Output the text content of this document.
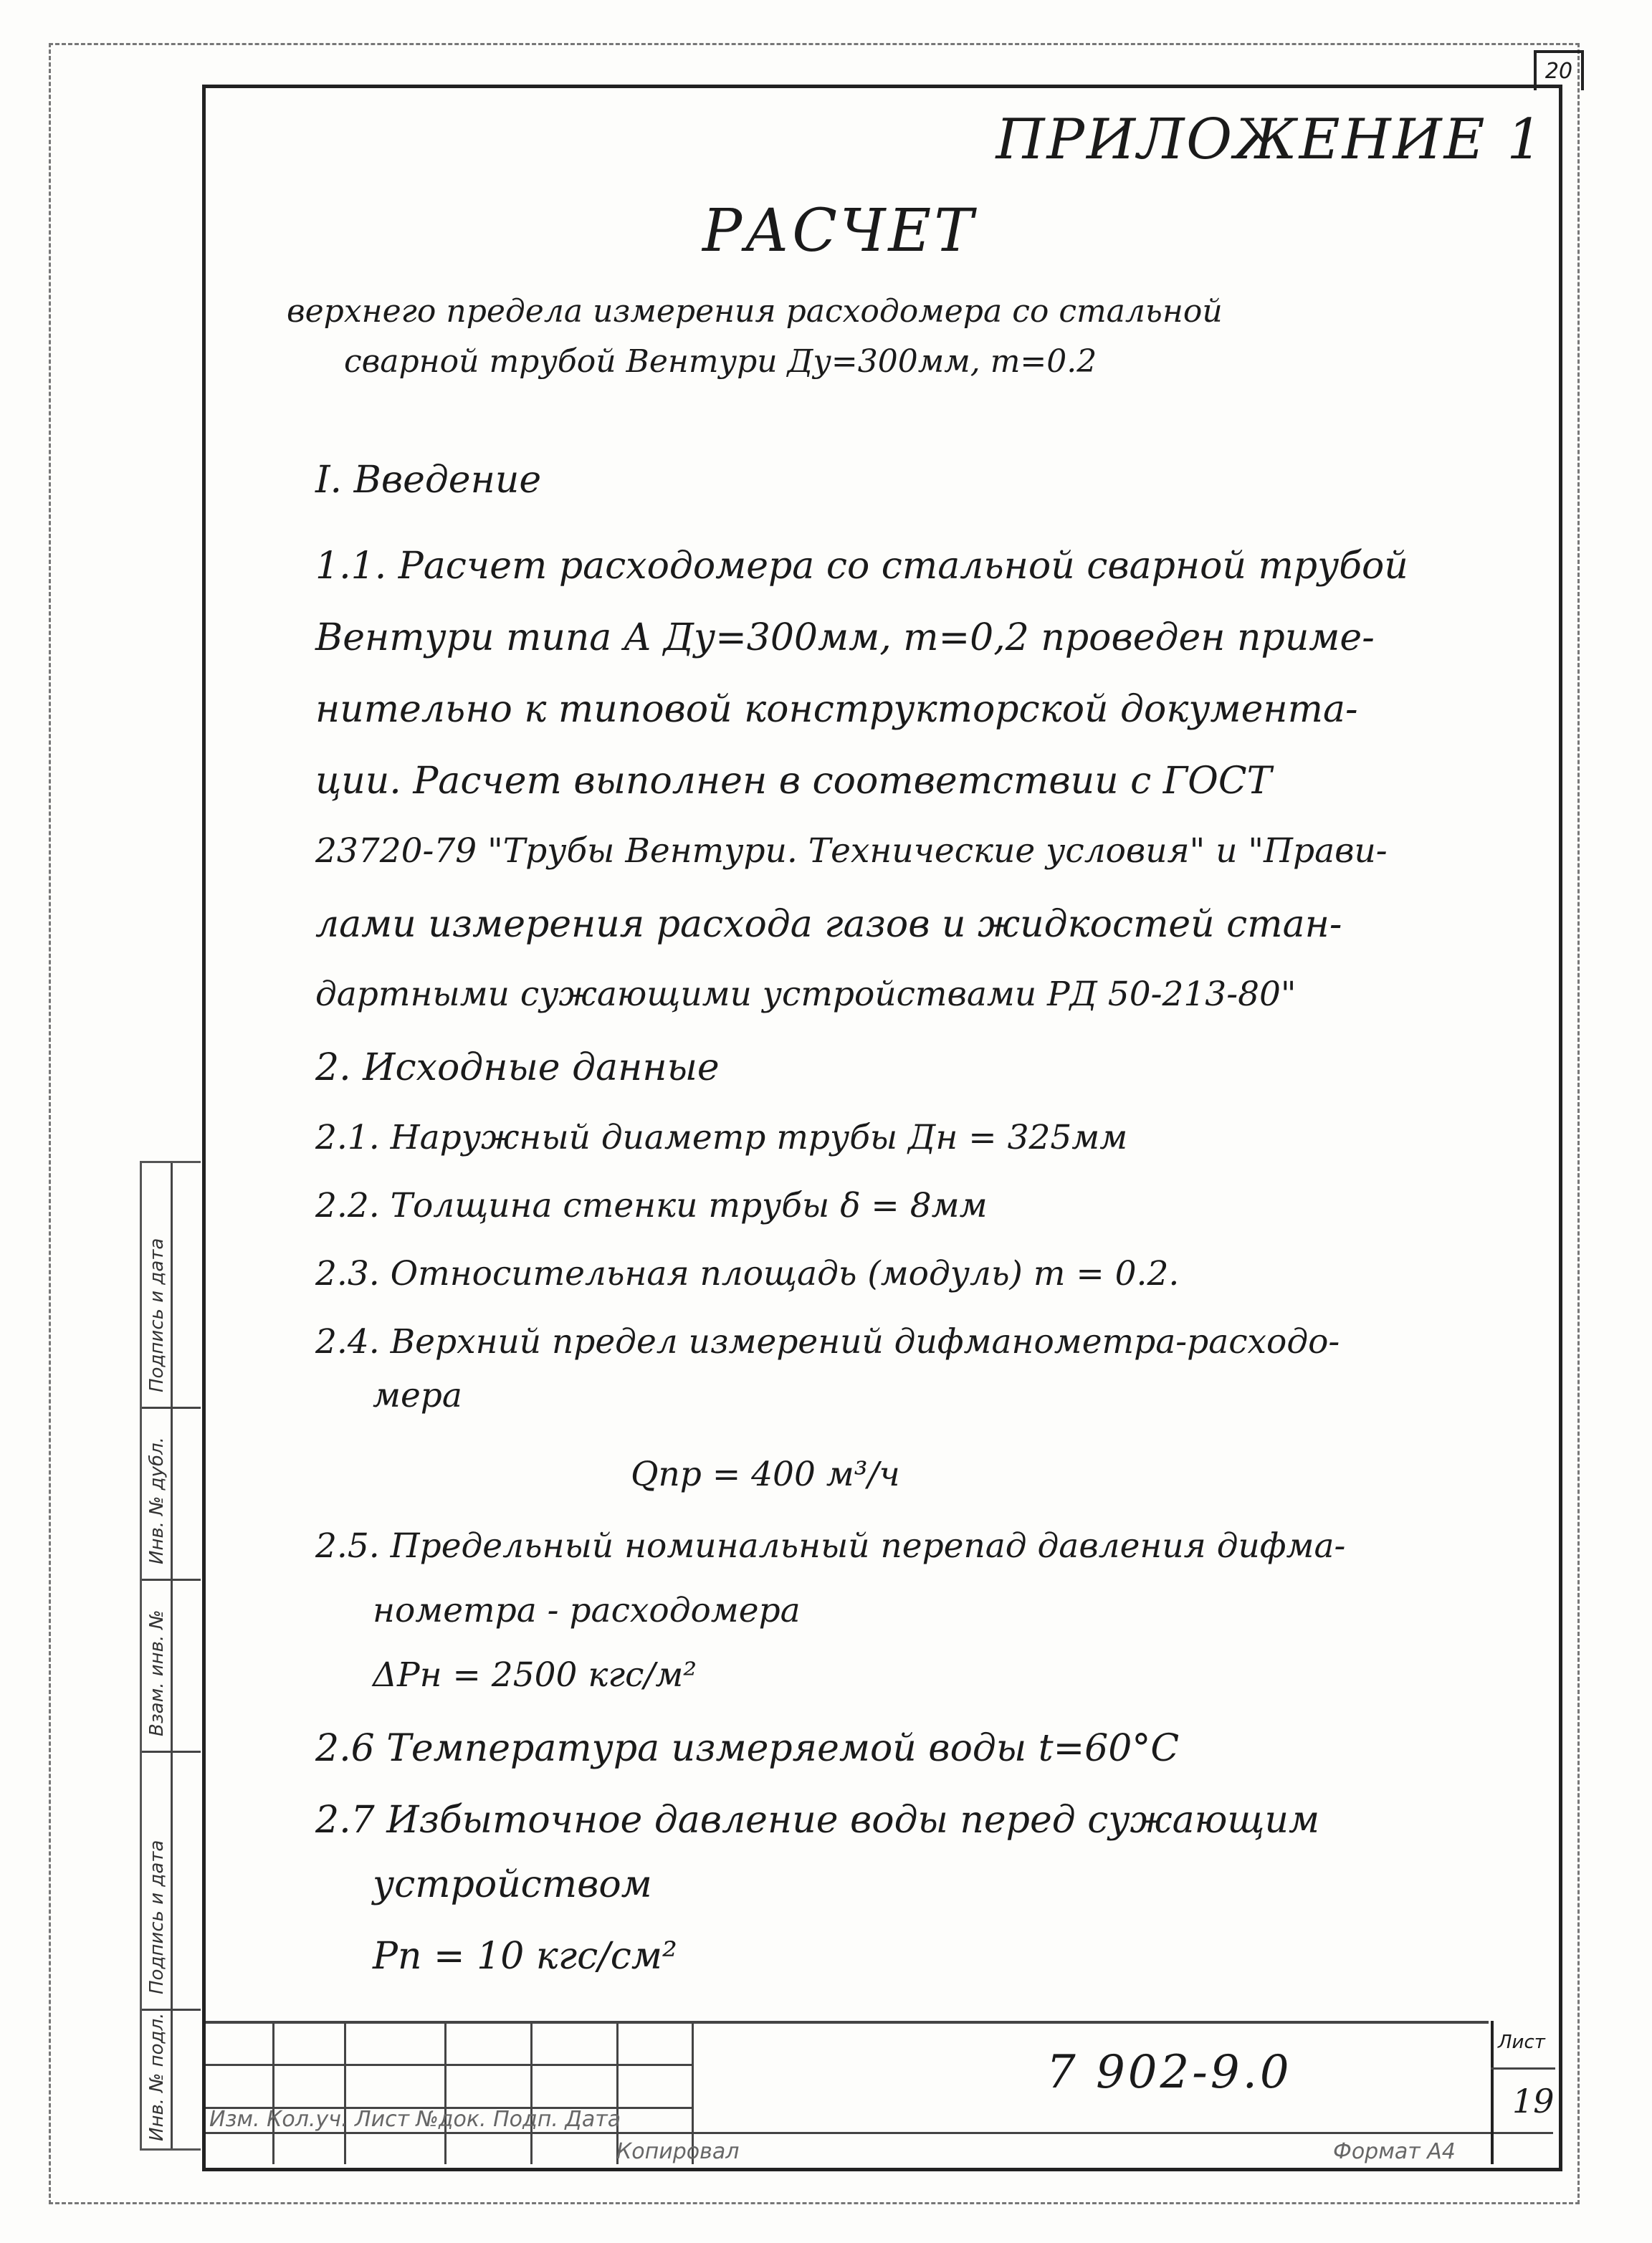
20
ПРИЛОЖЕНИЕ 1
РАСЧЕТ
верхнего предела измерения расходомера со стальной
сварной трубой Вентури Ду=300мм, m=0.2
I. Введение
1.1. Расчет расходомера со стальной сварной трубой
Вентури типа А Ду=300мм, m=0,2 проведен приме-
нительно к типовой конструкторской документа-
ции. Расчет выполнен в соответствии с ГОСТ
23720-79 "Трубы Вентури. Технические условия" и "Прави-
лами измерения расхода газов и жидкостей стан-
дартными сужающими устройствами РД 50-213-80"
2. Исходные данные
2.1. Наружный диаметр трубы Дн = 325мм
2.2. Толщина стенки трубы δ = 8мм
2.3. Относительная площадь (модуль) m = 0.2.
2.4. Верхний предел измерений дифманометра-расходо-
мера
Qпр = 400 м³/ч
2.5. Предельный номинальный перепад давления дифма-
нометра - расходомера
ΔРн = 2500 кгс/м²
2.6 Температура измеряемой воды t=60°C
2.7 Избыточное давление воды перед сужающим
устройством
Pп = 10 кгс/см²
Изм. Кол.уч. Лист №док. Подп. Дата
Копировал	Формат А4
7 902-9.0
Лист
19
Инв. № подл.
Подпись и дата
Взам. инв. №
Инв. № дубл.
Подпись и дата
